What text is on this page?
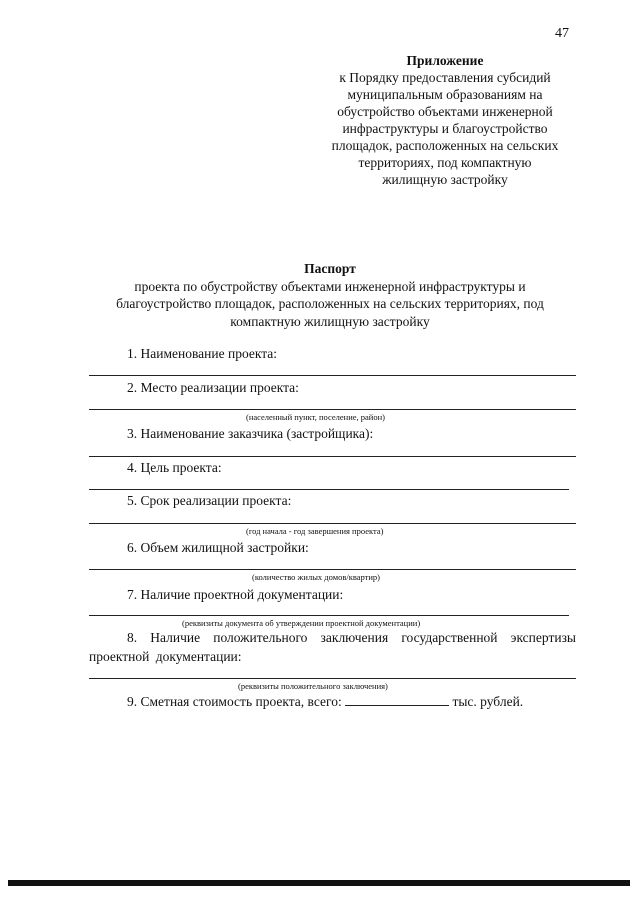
47
Приложение
к Порядку предоставления субсидий
муниципальным образованиям на
обустройство объектами инженерной
инфраструктуры и благоустройство
площадок, расположенных на сельских
территориях, под компактную
жилищную застройку
Паспорт
проекта по обустройству объектами инженерной инфраструктуры и
благоустройство площадок, расположенных на сельских территориях, под
компактную жилищную застройку
1. Наименование проекта:
2. Место реализации проекта:
(населенный пункт, поселение, район)
3. Наименование заказчика (застройщика):
4. Цель проекта:
5. Срок реализации проекта:
(год начала - год завершения проекта)
6. Объем жилищной застройки:
(количество жилых домов/квартир)
7. Наличие проектной документации:
(реквизиты документа об утверждении проектной документации)
8. Наличие положительного заключения государственной экспертизы проектной документации:
(реквизиты положительного заключения)
9. Сметная стоимость проекта, всего:	тыс. рублей.
